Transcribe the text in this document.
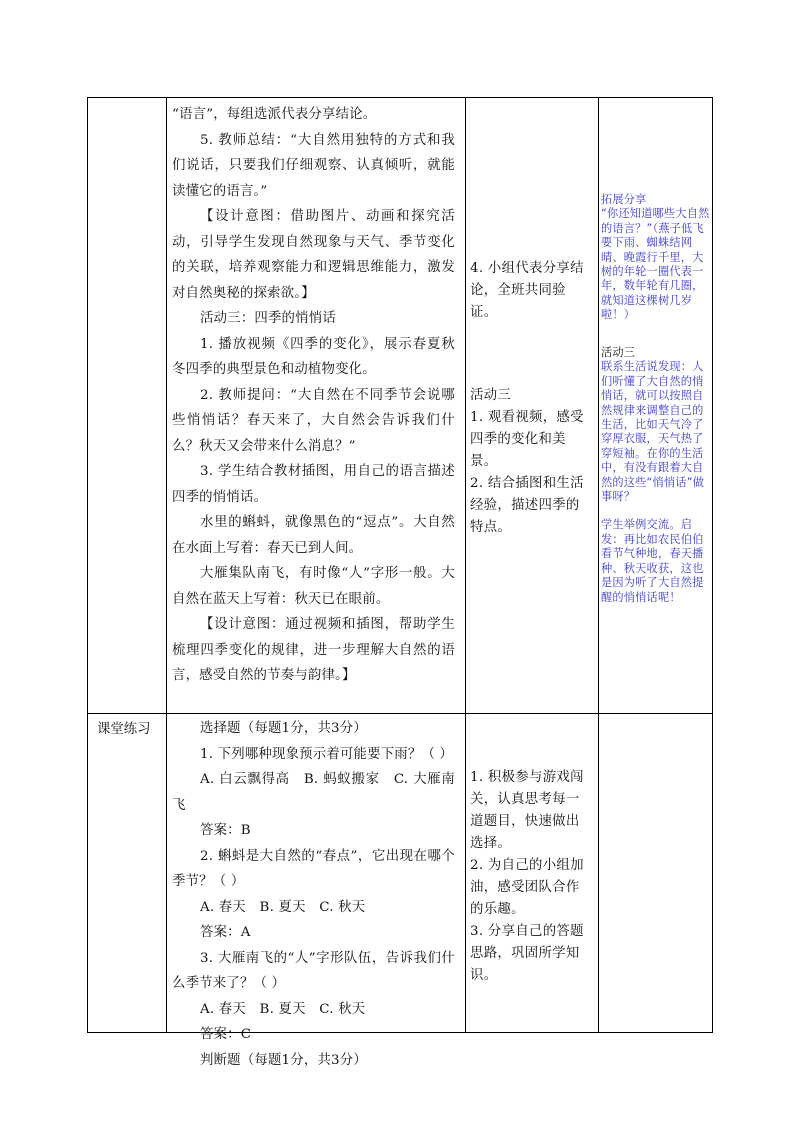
“语言”，每组选派代表分享结论。

5. 教师总结：“大自然用独特的方式和我们说话，只要我们仔细观察、认真倾听，就能读懂它的语言。”

【设计意图：借助图片、动画和探究活动，引导学生发现自然现象与天气、季节变化的关联，培养观察能力和逻辑思维能力，激发对自然奥秘的探索欲。】

活动三：四季的悄悄话

1. 播放视频《四季的变化》，展示春夏秋冬四季的典型景色和动植物变化。

2. 教师提问：“大自然在不同季节会说哪些悄悄话？春天来了，大自然会告诉我们什么？秋天又会带来什么消息？”

3. 学生结合教材插图，用自己的语言描述四季的悄悄话。

水里的蝌蚪，就像黑色的“逗点”。大自然在水面上写着：春天已到人间。

大雁集队南飞，有时像“人”字形一般。大自然在蓝天上写着：秋天已在眼前。

【设计意图：通过视频和插图，帮助学生梳理四季变化的规律，进一步理解大自然的语言，感受自然的节奏与韵律。】

4. 小组代表分享结论，全班共同验证。

活动三

1. 观看视频，感受四季的变化和美景。

2. 结合插图和生活经验，描述四季的特点。

拓展分享

“你还知道哪些大自然的语言？”（燕子低飞要下雨、蜘蛛结网晴、晚霞行千里，大树的年轮一圈代表一年，数年轮有几圈，就知道这棵树几岁啦！）

活动三

联系生活说发现：人们听懂了大自然的悄悄话，就可以按照自然规律来调整自己的生活，比如天气冷了穿厚衣服，天气热了穿短袖。在你的生活中，有没有跟着大自然的这些“悄悄话”做事呀？

学生举例交流。启发：再比如农民伯伯看节气种地，春天播种、秋天收获，这也是因为听了大自然提醒的悄悄话呢！

课堂练习	选择题（每题1分，共3分）

1. 下列哪种现象预示着可能要下雨？（ ）

A. 白云飘得高　B. 蚂蚁搬家　C. 大雁南飞

答案：B

2. 蝌蚪是大自然的“春点”，它出现在哪个季节？（ ）

A. 春天　B. 夏天　C. 秋天

答案：A

3. 大雁南飞的“人”字形队伍，告诉我们什么季节来了？（ ）

A. 春天　B. 夏天　C. 秋天

答案：C

判断题（每题1分，共3分）

1. 积极参与游戏闯关，认真思考每一道题目，快速做出选择。

2. 为自己的小组加油，感受团队合作的乐趣。

3. 分享自己的答题思路，巩固所学知识。
